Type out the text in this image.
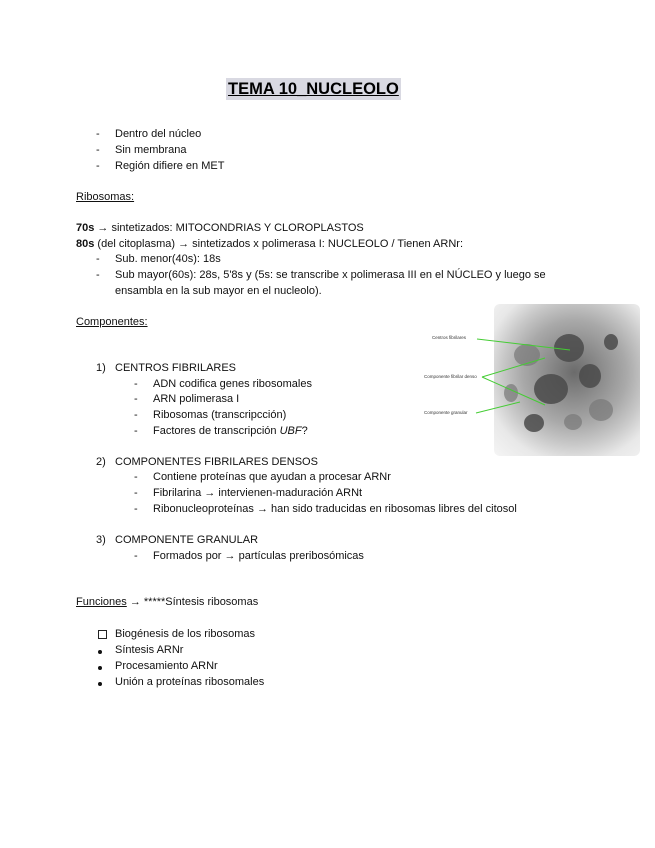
TEMA 10_NUCLEOLO
- Dentro del núcleo
- Sin membrana
- Región difiere en MET
Ribosomas:
70s → sintetizados: MITOCONDRIAS Y CLOROPLASTOS
80s (del citoplasma) → sintetizados x polimerasa I: NUCLEOLO / Tienen ARNr:
- Sub. menor(40s): 18s
- Sub mayor(60s): 28s, 5'8s y (5s: se transcribe x polimerasa III en el NÚCLEO y luego se
ensambla en la sub mayor en el nucleolo).
Componentes:
Centros fibrilares
Componente fibrilar denso
Componente granular
1) CENTROS FIBRILARES
- ADN codifica genes ribosomales
- ARN polimerasa I
- Ribosomas (transcripcción)
- Factores de transcripción UBF?
2) COMPONENTES FIBRILARES DENSOS
- Contiene proteínas que ayudan a procesar ARNr
- Fibrilarina → intervienen-maduración ARNt
- Ribonucleoproteínas → han sido traducidas en ribosomas libres del citosol
3) COMPONENTE GRANULAR
- Formados por → partículas preribosómicas
Funciones → *****Síntesis ribosomas
Biogénesis de los ribosomas
Síntesis ARNr
Procesamiento ARNr
Unión a proteínas ribosomales
